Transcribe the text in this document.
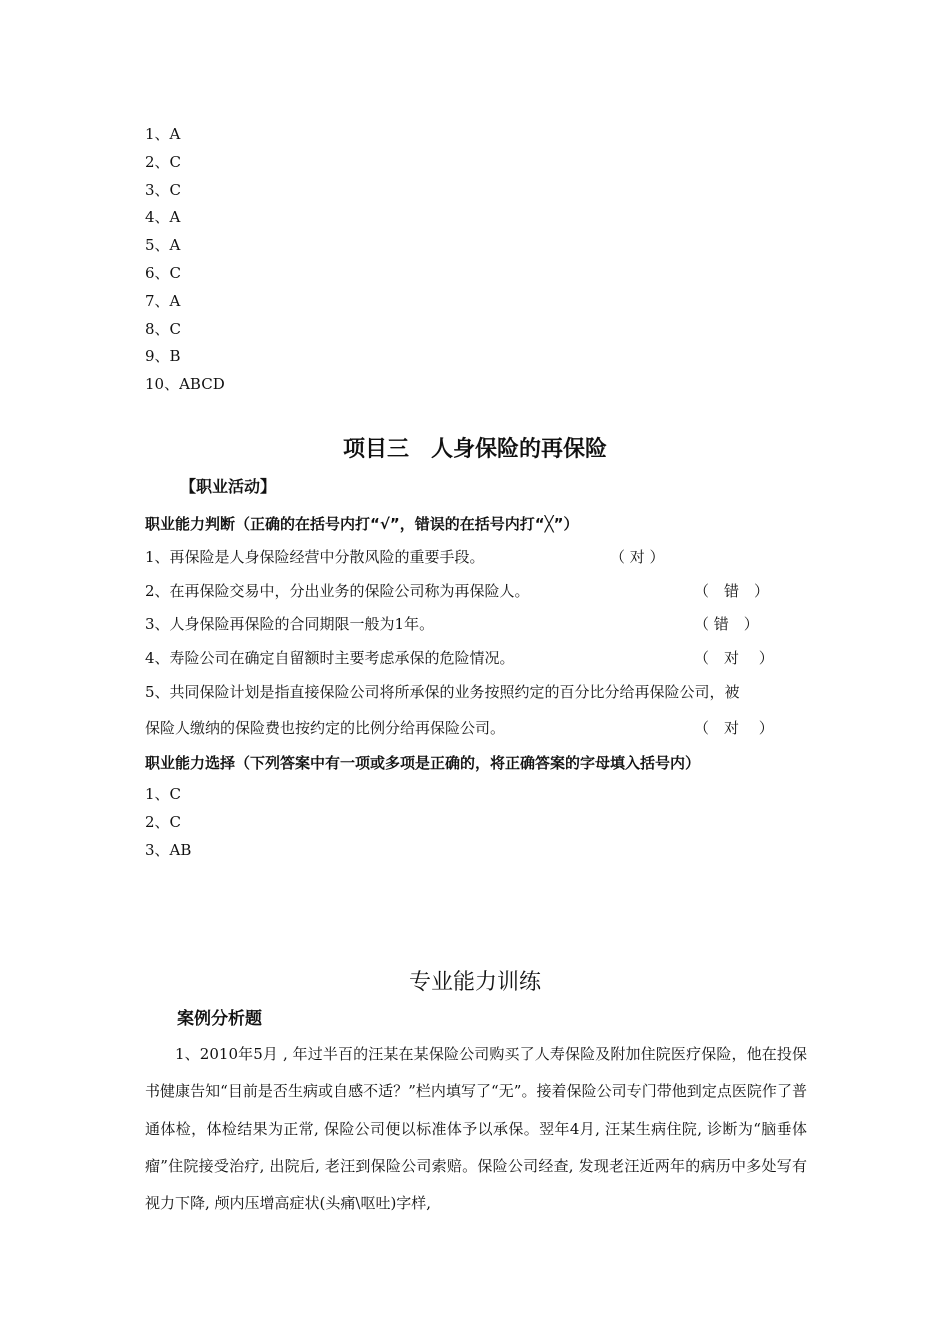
1、A
2、C
3、C
4、A
5、A
6、C
7、A
8、C
9、B
10、ABCD
项目三　人身保险的再保险
【职业活动】
职业能力判断（正确的在括号内打“√”，错误的在括号内打“╳”）
1、再保险是人身保险经营中分散风险的重要手段。	（ 对 ）
2、在再保险交易中，分出业务的保险公司称为再保险人。	（　错　）
3、人身保险再保险的合同期限一般为1年。	（ 错　）
4、寿险公司在确定自留额时主要考虑承保的危险情况。	（　对　 ）
5、共同保险计划是指直接保险公司将所承保的业务按照约定的百分比分给再保险公司，被
保险人缴纳的保险费也按约定的比例分给再保险公司。	（　对　 ）
职业能力选择（下列答案中有一项或多项是正确的，将正确答案的字母填入括号内）
1、C
2、C
3、AB
专业能力训练
案例分析题
1、2010年5月 , 年过半百的汪某在某保险公司购买了人寿保险及附加住院医疗保险，他在投保书健康告知“目前是否生病或自感不适？”栏内填写了“无”。接着保险公司专门带他到定点医院作了普通体检，体检结果为正常, 保险公司便以标准体予以承保。翌年4月, 汪某生病住院, 诊断为“脑垂体瘤”住院接受治疗, 出院后, 老汪到保险公司索赔。保险公司经查, 发现老汪近两年的病历中多处写有视力下降, 颅内压增高症状(头痛\呕吐)字样,
